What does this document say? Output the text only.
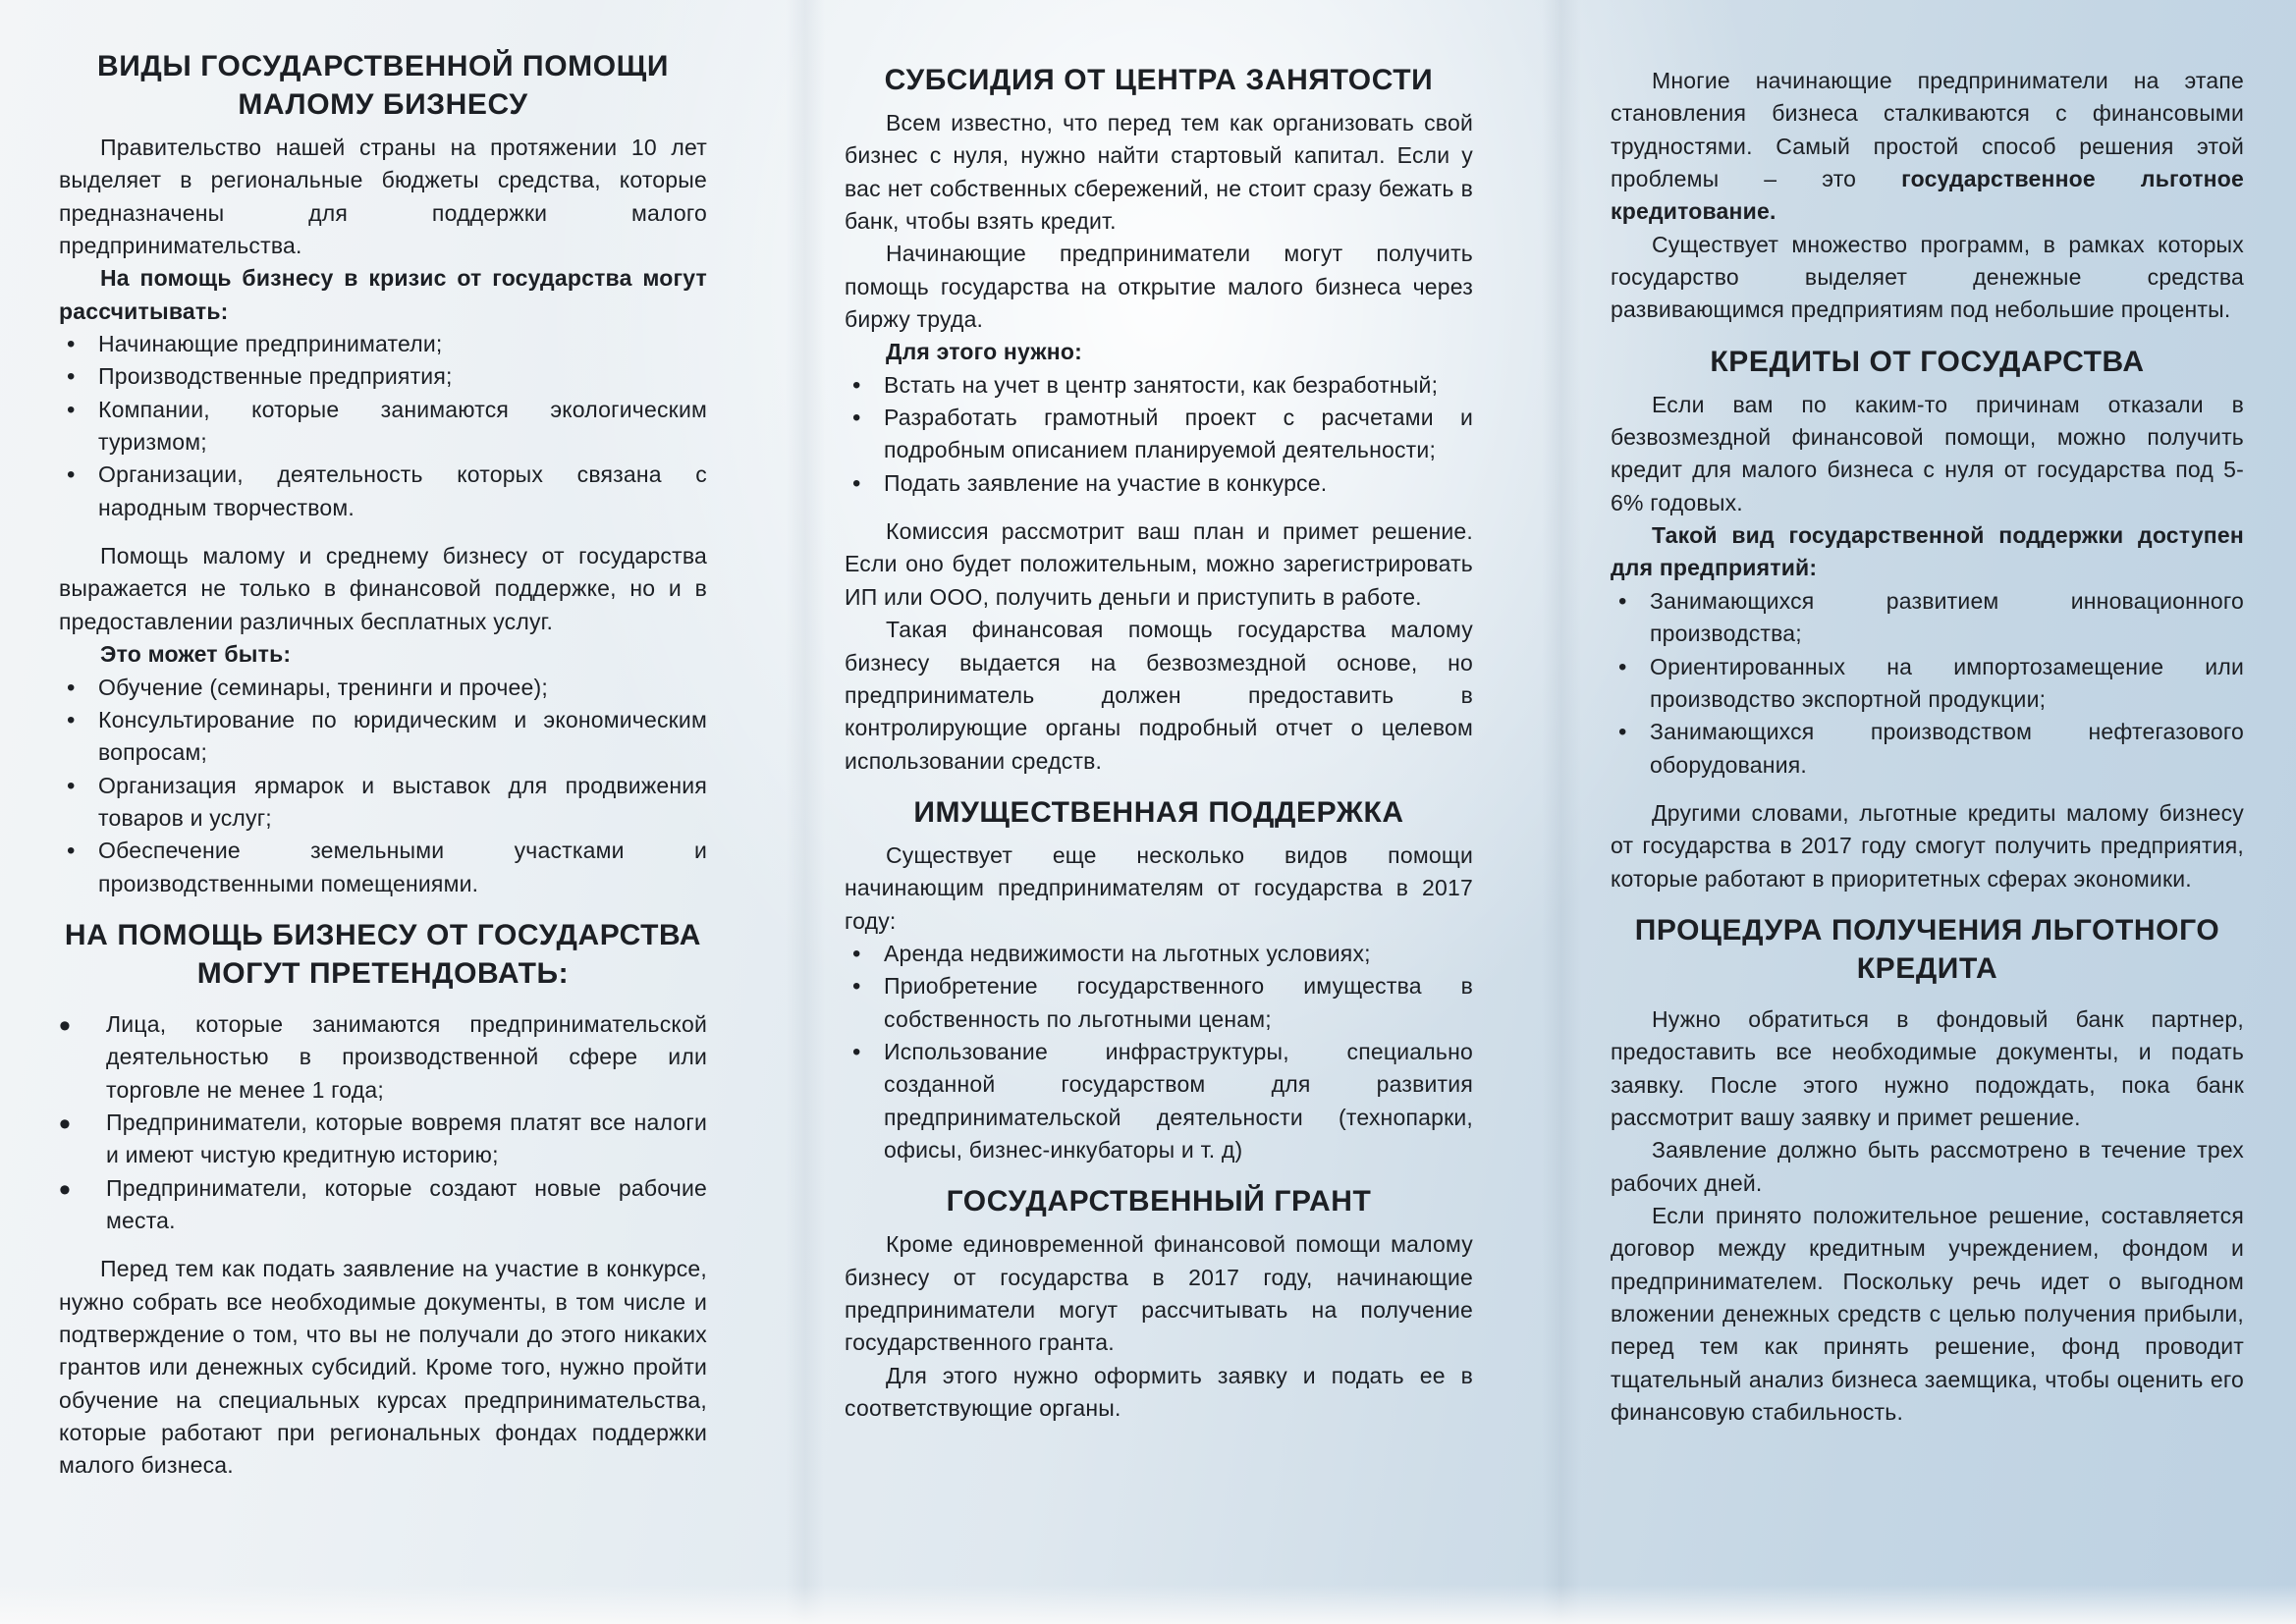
ВИДЫ ГОСУДАРСТВЕННОЙ ПОМОЩИ МАЛОМУ БИЗНЕСУ

Правительство нашей страны на протяжении 10 лет выделяет в региональные бюджеты средства, которые предназначены для поддержки малого предпринимательства.

На помощь бизнесу в кризис от государства могут рассчитывать:

• Начинающие предприниматели;
• Производственные предприятия;
• Компании, которые занимаются экологическим туризмом;
• Организации, деятельность которых связана с народным творчеством.

Помощь малому и среднему бизнесу от государства выражается не только в финансовой поддержке, но и в предоставлении различных бесплатных услуг.

Это может быть:

• Обучение (семинары, тренинги и прочее);
• Консультирование по юридическим и экономическим вопросам;
• Организация ярмарок и выставок для продвижения товаров и услуг;
• Обеспечение земельными участками и производственными помещениями.
НА ПОМОЩЬ БИЗНЕСУ ОТ ГОСУДАРСТВА МОГУТ ПРЕТЕНДОВАТЬ:
• Лица, которые занимаются предпринимательской деятельностью в производственной сфере или торговле не менее 1 года;
• Предприниматели, которые вовремя платят все налоги и имеют чистую кредитную историю;
• Предприниматели, которые создают новые рабочие места.

Перед тем как подать заявление на участие в конкурсе, нужно собрать все необходимые документы, в том числе и подтверждение о том, что вы не получали до этого никаких грантов или денежных субсидий. Кроме того, нужно пройти обучение на специальных курсах предпринимательства, которые работают при региональных фондах поддержки малого бизнеса.

СУБСИДИЯ ОТ ЦЕНТРА ЗАНЯТОСТИ

Всем известно, что перед тем как организовать свой бизнес с нуля, нужно найти стартовый капитал. Если у вас нет собственных сбережений, не стоит сразу бежать в банк, чтобы взять кредит.

Начинающие предприниматели могут получить помощь государства на открытие малого бизнеса через биржу труда.

Для этого нужно:

• Встать на учет в центр занятости, как безработный;
• Разработать грамотный проект с расчетами и подробным описанием планируемой деятельности;
• Подать заявление на участие в конкурсе.

Комиссия рассмотрит ваш план и примет решение. Если оно будет положительным, можно зарегистрировать ИП или ООО, получить деньги и приступить в работе.

Такая финансовая помощь государства малому бизнесу выдается на безвозмездной основе, но предприниматель должен предоставить в контролирующие органы подробный отчет о целевом использовании средств.

ИМУЩЕСТВЕННАЯ ПОДДЕРЖКА

Существует еще несколько видов помощи начинающим предпринимателям от государства в 2017 году:

• Аренда недвижимости на льготных условиях;
• Приобретение государственного имущества в собственность по льготными ценам;
• Использование инфраструктуры, специально созданной государством для развития предпринимательской деятельности (технопарки, офисы, бизнес-инкубаторы и т. д)
ГОСУДАРСТВЕННЫЙ ГРАНТ

Кроме единовременной финансовой помощи малому бизнесу от государства в 2017 году, начинающие предприниматели могут рассчитывать на получение государственного гранта.

Для этого нужно оформить заявку и подать ее в соответствующие органы.

Многие начинающие предприниматели на этапе становления бизнеса сталкиваются с финансовыми трудностями. Самый простой способ решения этой проблемы – это государственное льготное кредитование.

Существует множество программ, в рамках которых государство выделяет денежные средства развивающимся предприятиям под небольшие проценты.

КРЕДИТЫ ОТ ГОСУДАРСТВА

Если вам по каким-то причинам отказали в безвозмездной финансовой помощи, можно получить кредит для малого бизнеса с нуля от государства под 5-6% годовых.

Такой вид государственной поддержки доступен для предприятий:

• Занимающихся развитием инновационного производства;
• Ориентированных на импортозамещение или производство экспортной продукции;
• Занимающихся производством нефтегазового оборудования.

Другими словами, льготные кредиты малому бизнесу от государства в 2017 году смогут получить предприятия, которые работают в приоритетных сферах экономики.

ПРОЦЕДУРА ПОЛУЧЕНИЯ ЛЬГОТНОГО КРЕДИТА

Нужно обратиться в фондовый банк партнер, предоставить все необходимые документы, и подать заявку. После этого нужно подождать, пока банк рассмотрит вашу заявку и примет решение.

Заявление должно быть рассмотрено в течение трех рабочих дней.

Если принято положительное решение, составляется договор между кредитным учреждением, фондом и предпринимателем. Поскольку речь идет о выгодном вложении денежных средств с целью получения прибыли, перед тем как принять решение, фонд проводит тщательный анализ бизнеса заемщика, чтобы оценить его финансовую стабильность.
